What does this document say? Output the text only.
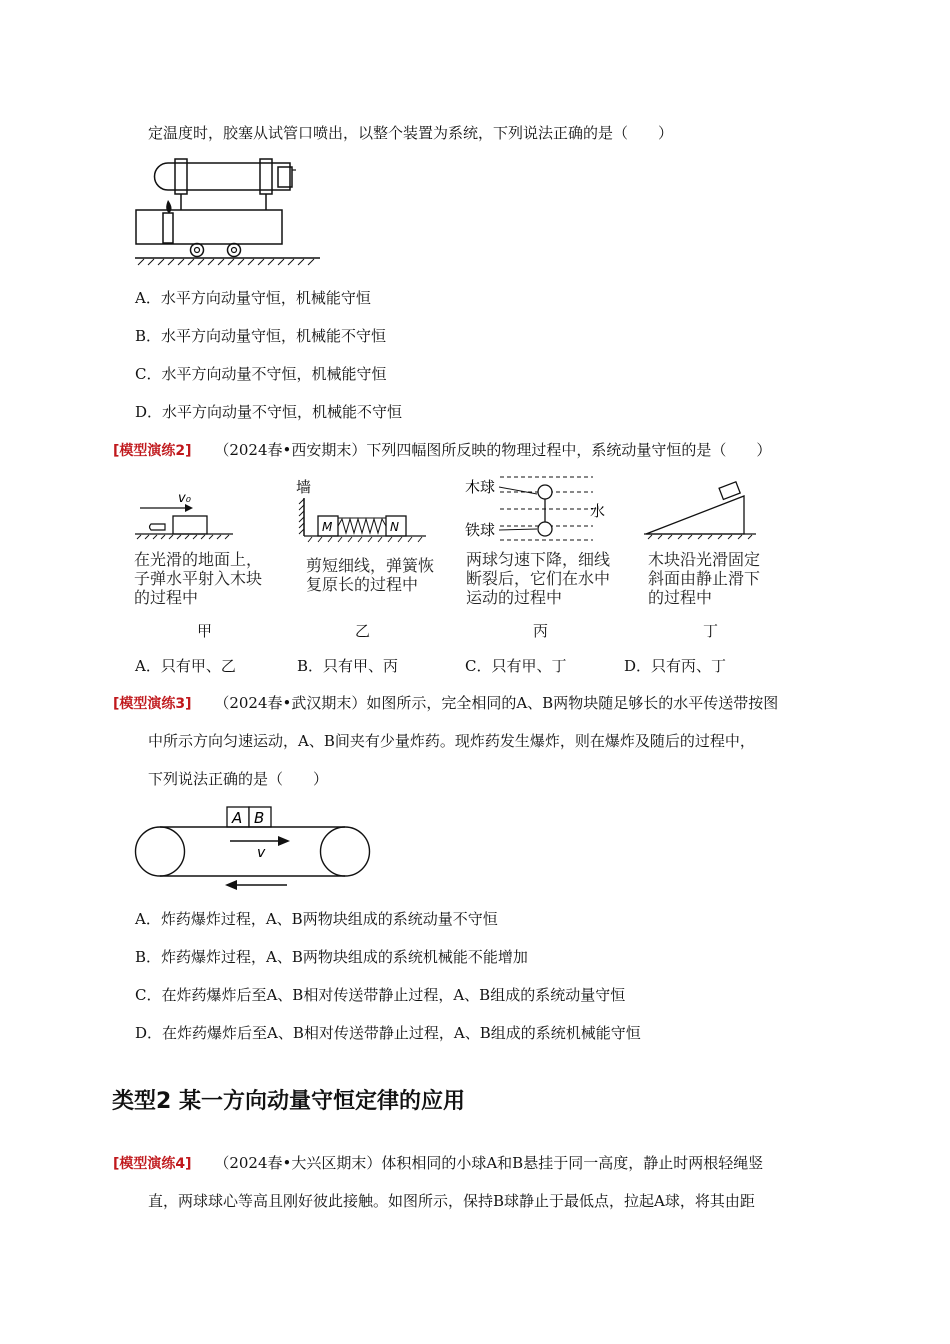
定温度时，胶塞从试管口喷出，以整个装置为系统，下列说法正确的是（　　）
A．水平方向动量守恒，机械能守恒
B．水平方向动量守恒，机械能不守恒
C．水平方向动量不守恒，机械能守恒
D．水平方向动量不守恒，机械能不守恒
[模型演练2] （2024春•西安期末）下列四幅图所反映的物理过程中，系统动量守恒的是（　　）
v₀
在光滑的地面上，
子弹水平射入木块
的过程中
甲
墙
M	N
剪短细线，弹簧恢
复原长的过程中
乙
木球
水
铁球
两球匀速下降，细线
断裂后，它们在水中
运动的过程中
丙
木块沿光滑固定
斜面由静止滑下
的过程中
丁
A．只有甲、乙	B．只有甲、丙	C．只有甲、丁	D．只有丙、丁
[模型演练3] （2024春•武汉期末）如图所示，完全相同的A、B两物块随足够长的水平传送带按图
中所示方向匀速运动，A、B间夹有少量炸药。现炸药发生爆炸，则在爆炸及随后的过程中，
下列说法正确的是（　　）
A B
v
A．炸药爆炸过程，A、B两物块组成的系统动量不守恒
B．炸药爆炸过程，A、B两物块组成的系统机械能不能增加
C．在炸药爆炸后至A、B相对传送带静止过程，A、B组成的系统动量守恒
D．在炸药爆炸后至A、B相对传送带静止过程，A、B组成的系统机械能守恒
类型2 某一方向动量守恒定律的应用
[模型演练4] （2024春•大兴区期末）体积相同的小球A和B悬挂于同一高度，静止时两根轻绳竖
直，两球球心等高且刚好彼此接触。如图所示，保持B球静止于最低点，拉起A球，将其由距
